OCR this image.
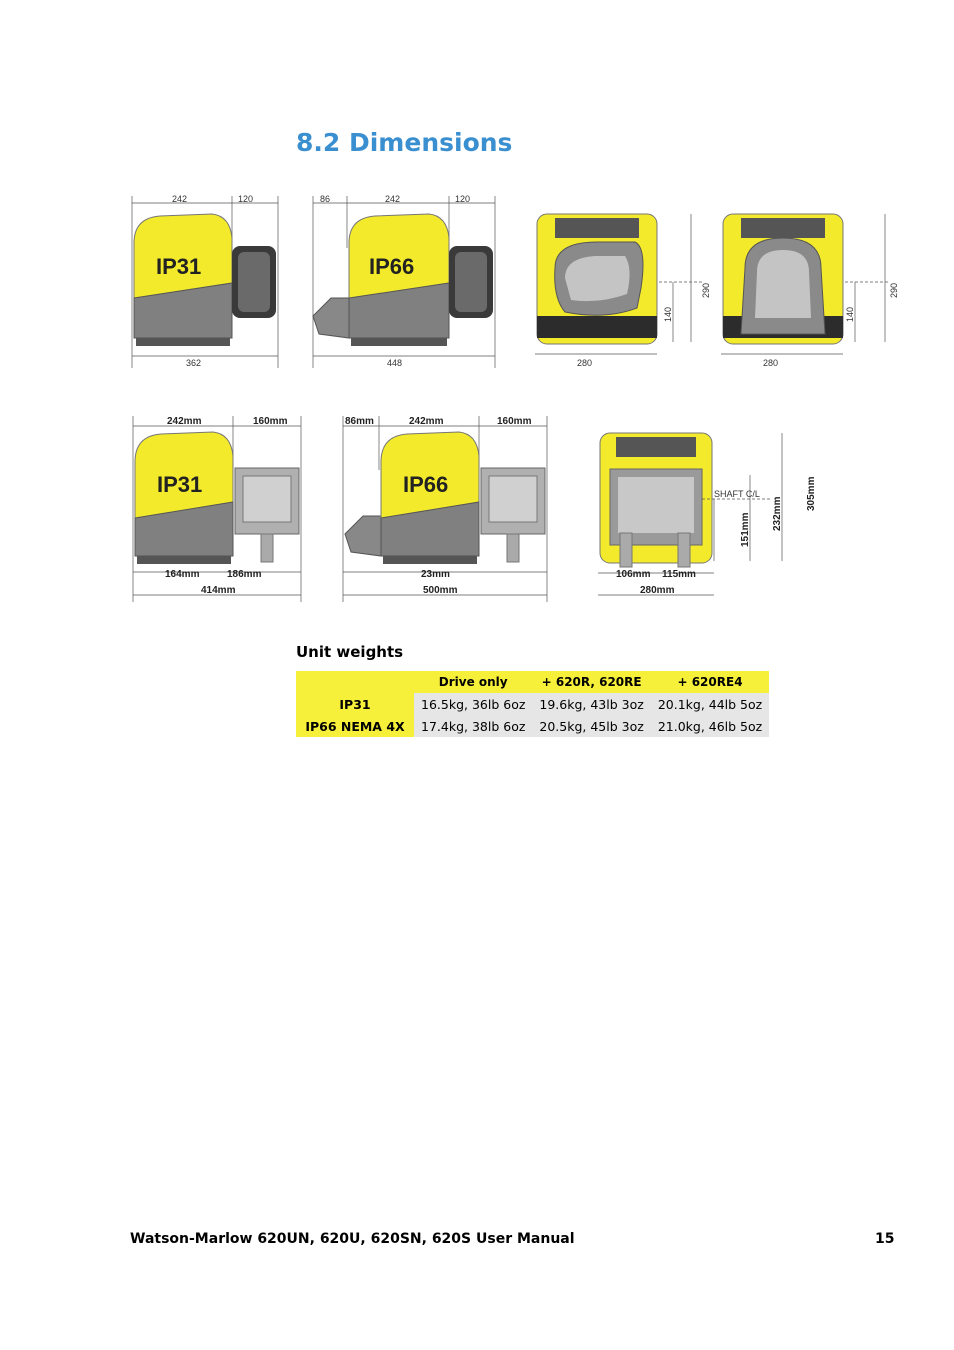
8.2 Dimensions
242	120
IP31
362
86	242	120
IP66
448
140
290
280
140
290
280
242mm	160mm
IP31
164mm	186mm
414mm
86mm	242mm	160mm
IP66
23mm
500mm
SHAFT C/L
151mm 232mm
305mm
106mm 115mm
280mm
Unit weights
	Drive only	+ 620R, 620RE	+ 620RE4
IP31	16.5kg, 36lb 6oz	19.6kg, 43lb 3oz	20.1kg, 44lb 5oz
IP66 NEMA 4X	17.4kg, 38lb 6oz	20.5kg, 45lb 3oz	21.0kg, 46lb 5oz
Watson-Marlow 620UN, 620U, 620SN, 620S User Manual	15
